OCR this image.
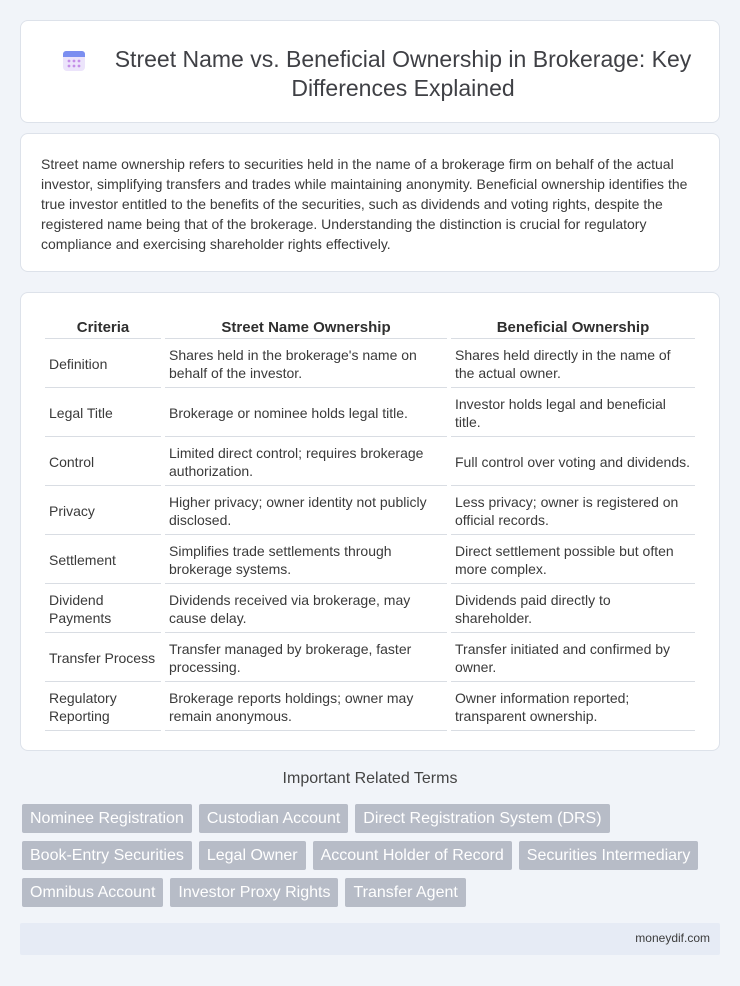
Street Name vs. Beneficial Ownership in Brokerage: Key Differences Explained

Street name ownership refers to securities held in the name of a brokerage firm on behalf of the actual investor, simplifying transfers and trades while maintaining anonymity. Beneficial ownership identifies the true investor entitled to the benefits of the securities, such as dividends and voting rights, despite the registered name being that of the brokerage. Understanding the distinction is crucial for regulatory compliance and exercising shareholder rights effectively.

Criteria	Street Name Ownership	Beneficial Ownership
Definition	Shares held in the brokerage's name on behalf of the investor.	Shares held directly in the name of the actual owner.
Legal Title	Brokerage or nominee holds legal title.	Investor holds legal and beneficial title.
Control	Limited direct control; requires brokerage authorization.	Full control over voting and dividends.
Privacy	Higher privacy; owner identity not publicly disclosed.	Less privacy; owner is registered on official records.
Settlement	Simplifies trade settlements through brokerage systems.	Direct settlement possible but often more complex.
Dividend Payments	Dividends received via brokerage, may cause delay.	Dividends paid directly to shareholder.
Transfer Process	Transfer managed by brokerage, faster processing.	Transfer initiated and confirmed by owner.
Regulatory Reporting	Brokerage reports holdings; owner may remain anonymous.	Owner information reported; transparent ownership.
Important Related Terms
Nominee Registration	Custodian Account	Direct Registration System (DRS)
Book-Entry Securities	Legal Owner	Account Holder of Record	Securities Intermediary
Omnibus Account	Investor Proxy Rights	Transfer Agent
moneydif.com
